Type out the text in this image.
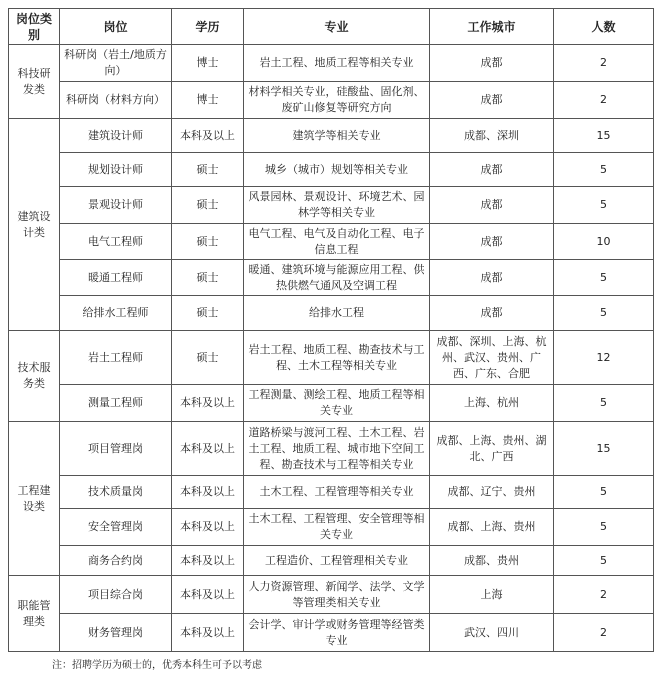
岗位类别	岗位	学历	专业	工作城市	人数
科技研发类	科研岗（岩土/地质方向）	博士	岩土工程、地质工程等相关专业	成都	2
	科研岗（材料方向）	博士	材料学相关专业，硅酸盐、固化剂、废矿山修复等研究方向	成都	2
建筑设计类	建筑设计师	本科及以上	建筑学等相关专业	成都、深圳	15
	规划设计师	硕士	城乡（城市）规划等相关专业	成都	5
	景观设计师	硕士	风景园林、景观设计、环境艺术、园林学等相关专业	成都	5
	电气工程师	硕士	电气工程、电气及自动化工程、电子信息工程	成都	10
	暖通工程师	硕士	暖通、建筑环境与能源应用工程、供热供燃气通风及空调工程	成都	5
	给排水工程师	硕士	给排水工程	成都	5
技术服务类	岩土工程师	硕士	岩土工程、地质工程、勘查技术与工程、土木工程等相关专业	成都、深圳、上海、杭州、武汉、贵州、广西、广东、合肥	12
	测量工程师	本科及以上	工程测量、测绘工程、地质工程等相关专业	上海、杭州	5
工程建设类	项目管理岗	本科及以上	道路桥梁与渡河工程、土木工程、岩土工程、地质工程、城市地下空间工程、勘查技术与工程等相关专业	成都、上海、贵州、湖北、广西	15
	技术质量岗	本科及以上	土木工程、工程管理等相关专业	成都、辽宁、贵州	5
	安全管理岗	本科及以上	土木工程、工程管理、安全管理等相关专业	成都、上海、贵州	5
	商务合约岗	本科及以上	工程造价、工程管理相关专业	成都、贵州	5
职能管理类	项目综合岗	本科及以上	人力资源管理、新闻学、法学、文学等管理类相关专业	上海	2
	财务管理岗	本科及以上	会计学、审计学或财务管理等经管类专业	武汉、四川	2
注：招聘学历为硕士的，优秀本科生可予以考虑
